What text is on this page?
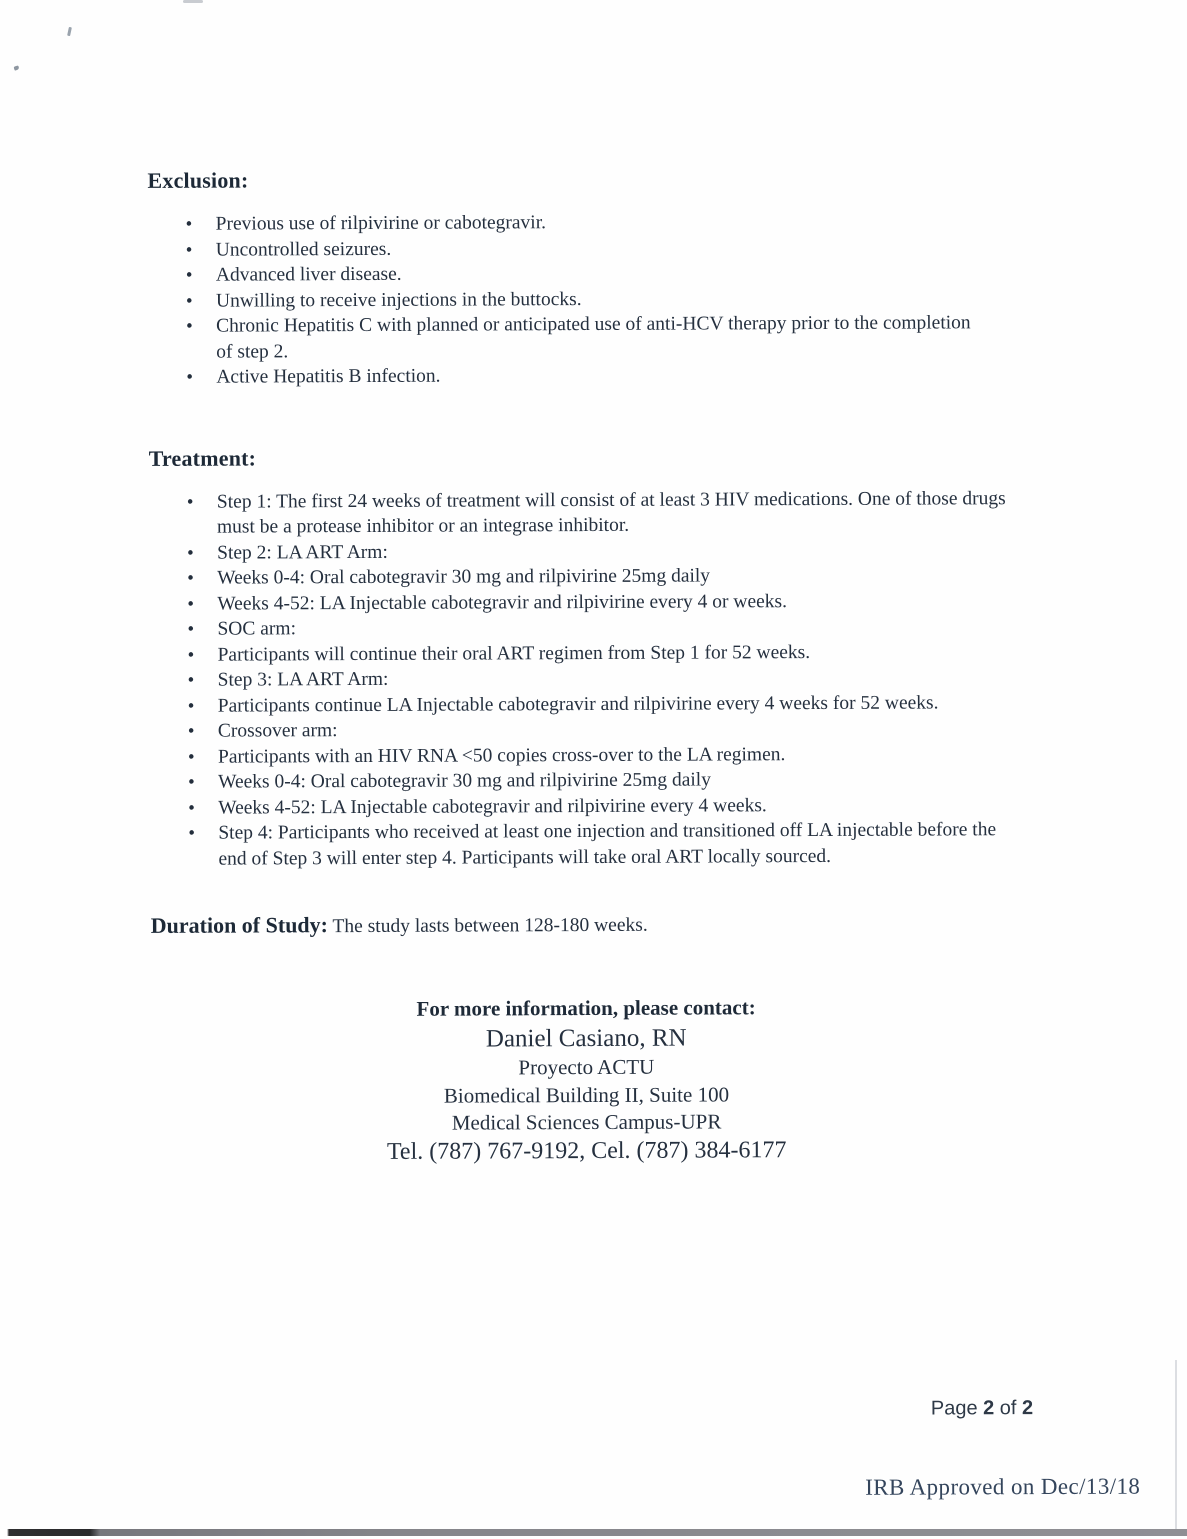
Exclusion:
• Previous use of rilpivirine or cabotegravir.
• Uncontrolled seizures.
• Advanced liver disease.
• Unwilling to receive injections in the buttocks.
• Chronic Hepatitis C with planned or anticipated use of anti-HCV therapy prior to the completion of step 2.
• Active Hepatitis B infection.
Treatment:
• Step 1: The first 24 weeks of treatment will consist of at least 3 HIV medications. One of those drugs must be a protease inhibitor or an integrase inhibitor.
• Step 2: LA ART Arm:
• Weeks 0-4: Oral cabotegravir 30 mg and rilpivirine 25mg daily
• Weeks 4-52: LA Injectable cabotegravir and rilpivirine every 4 or weeks.
• SOC arm:
• Participants will continue their oral ART regimen from Step 1 for 52 weeks.
• Step 3: LA ART Arm:
• Participants continue LA Injectable cabotegravir and rilpivirine every 4 weeks for 52 weeks.
• Crossover arm:
• Participants with an HIV RNA <50 copies cross-over to the LA regimen.
• Weeks 0-4: Oral cabotegravir 30 mg and rilpivirine 25mg daily
• Weeks 4-52: LA Injectable cabotegravir and rilpivirine every 4 weeks.
• Step 4: Participants who received at least one injection and transitioned off LA injectable before the end of Step 3 will enter step 4. Participants will take oral ART locally sourced.

Duration of Study: The study lasts between 128-180 weeks.

For more information, please contact:

Daniel Casiano, RN
Proyecto ACTU
Biomedical Building II, Suite 100
Medical Sciences Campus-UPR
Tel. (787) 767-9192, Cel. (787) 384-6177
Page 2 of 2
IRB Approved on Dec/13/18
